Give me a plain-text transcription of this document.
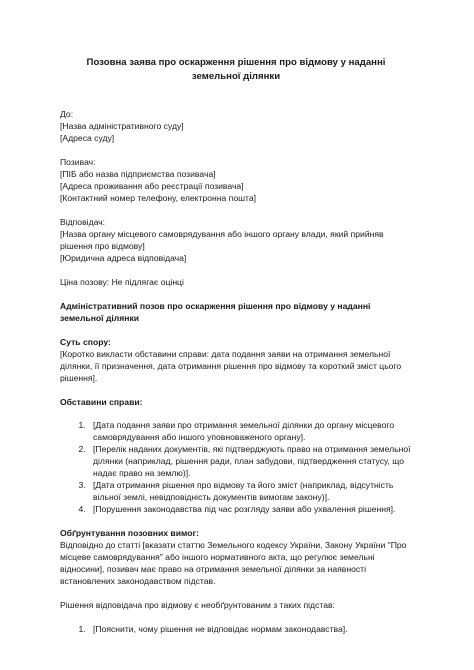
Позовна заява про оскарження рішення про відмову у наданні земельної ділянки

До:

[Назва адміністративного суду]

[Адреса суду]

Позивач:

[ПІБ або назва підприємства позивача]

[Адреса проживання або реєстрації позивача]

[Контактний номер телефону, електронна пошта]

Відповідач:

[Назва органу місцевого самоврядування або іншого органу влади, який прийняв рішення про відмову]

[Юридична адреса відповідача]

Ціна позову: Не підлягає оцінці

Адміністративний позов про оскарження рішення про відмову у наданні земельної ділянки

Суть спору:

[Коротко викласти обставини справи: дата подання заяви на отримання земельної ділянки, її призначення, дата отримання рішення про відмову та короткий зміст цього рішення].

Обставини справи:

1. [Дата подання заяви про отримання земельної ділянки до органу місцевого самоврядування або іншого уповноваженого органу].
2. [Перелік наданих документів, які підтверджують право на отримання земельної ділянки (наприклад, рішення ради, план забудови, підтвердження статусу, що надає право на землю)].
3. [Дата отримання рішення про відмову та його зміст (наприклад, відсутність вільної землі, невідповідність документів вимогам закону)].
4. [Порушення законодавства під час розгляду заяви або ухвалення рішення].

Обґрунтування позовних вимог:

Відповідно до статті [вказати статтю Земельного кодексу України, Закону України "Про місцеве самоврядування" або іншого нормативного акта, що регулює земельні відносини], позивач має право на отримання земельної ділянки за наявності встановлених законодавством підстав.

Рішення відповідача про відмову є необґрунтованим з таких підстав:

1. [Пояснити, чому рішення не відповідає нормам законодавства].
